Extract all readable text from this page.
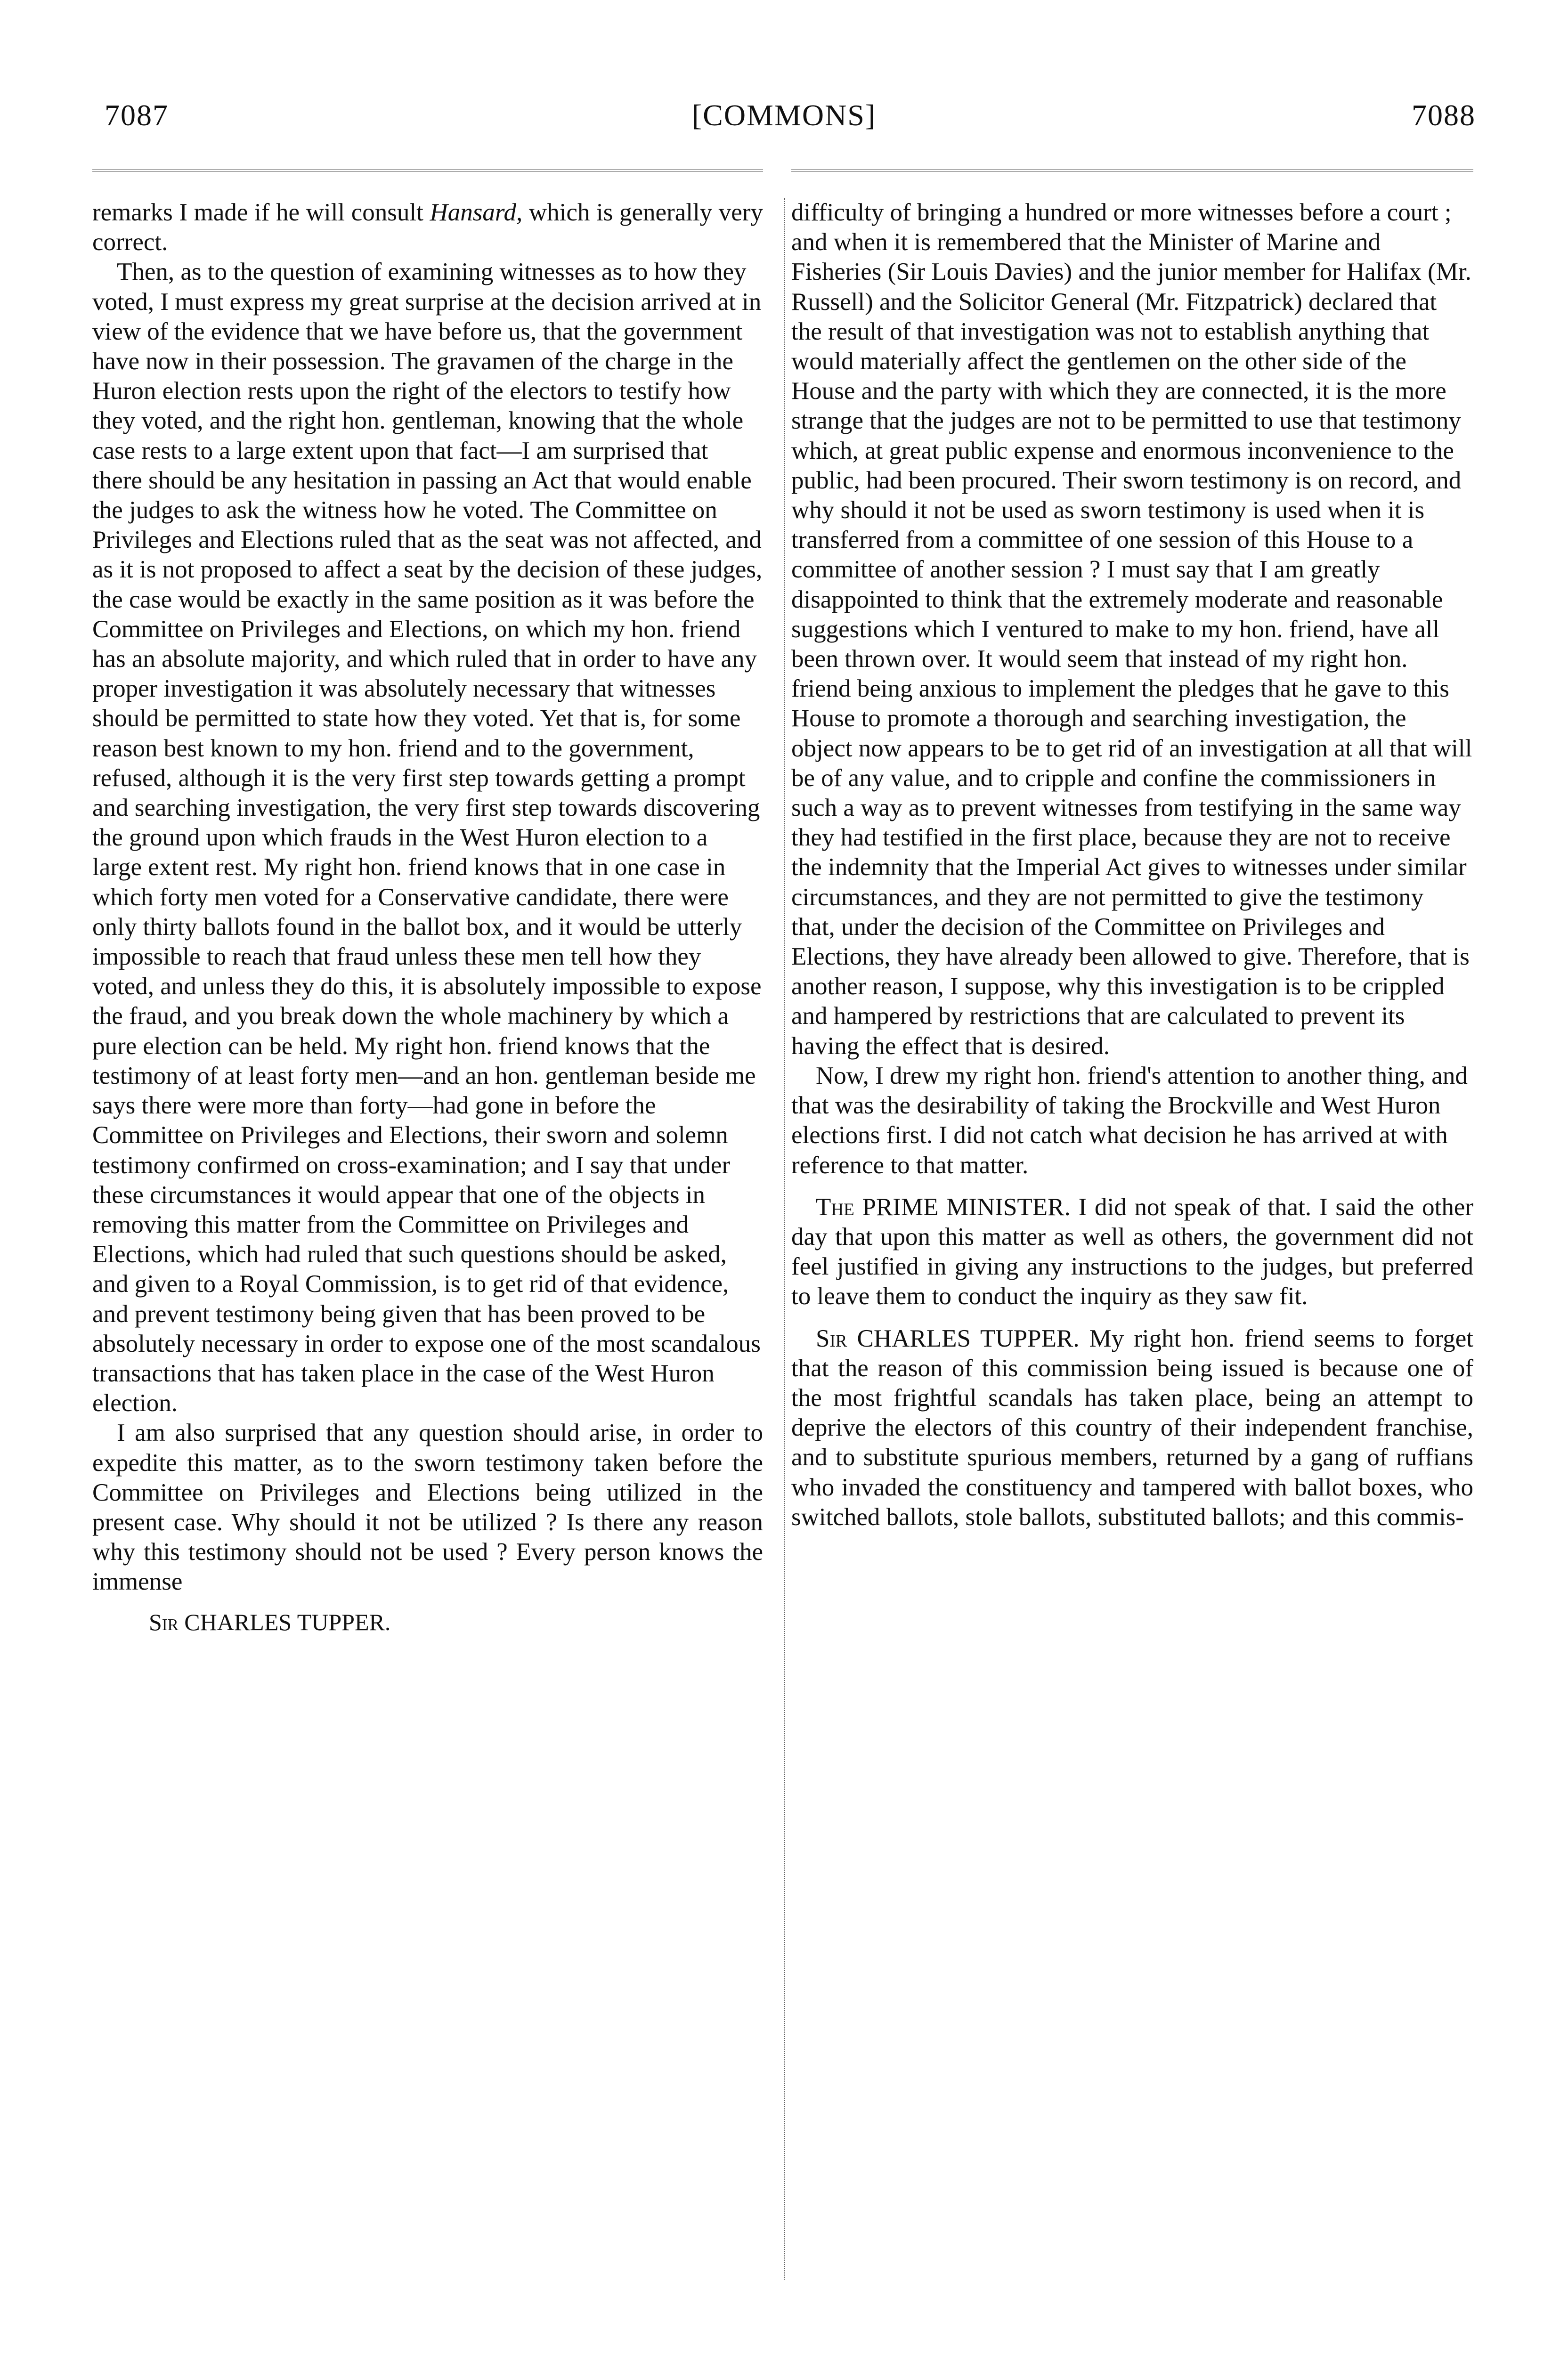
7087	[COMMONS]	7088

remarks I made if he will consult Hansard, which is generally very correct.

Then, as to the question of examining witnesses as to how they voted, I must express my great surprise at the decision arrived at in view of the evidence that we have before us, that the government have now in their possession. The gravamen of the charge in the Huron election rests upon the right of the electors to testify how they voted, and the right hon. gentleman, knowing that the whole case rests to a large extent upon that fact—I am surprised that there should be any hesitation in passing an Act that would enable the judges to ask the witness how he voted. The Committee on Privileges and Elections ruled that as the seat was not affected, and as it is not proposed to affect a seat by the decision of these judges, the case would be exactly in the same position as it was before the Committee on Privileges and Elections, on which my hon. friend has an absolute majority, and which ruled that in order to have any proper investigation it was absolutely necessary that witnesses should be permitted to state how they voted. Yet that is, for some reason best known to my hon. friend and to the government, refused, although it is the very first step towards getting a prompt and searching investigation, the very first step towards discovering the ground upon which frauds in the West Huron election to a large extent rest. My right hon. friend knows that in one case in which forty men voted for a Conservative candidate, there were only thirty ballots found in the ballot box, and it would be utterly impossible to reach that fraud unless these men tell how they voted, and unless they do this, it is absolutely impossible to expose the fraud, and you break down the whole machinery by which a pure election can be held. My right hon. friend knows that the testimony of at least forty men—and an hon. gentleman beside me says there were more than forty—had gone in before the Committee on Privileges and Elections, their sworn and solemn testimony confirmed on cross-examination; and I say that under these circumstances it would appear that one of the objects in removing this matter from the Committee on Privileges and Elections, which had ruled that such questions should be asked, and given to a Royal Commission, is to get rid of that evidence, and prevent testimony being given that has been proved to be absolutely necessary in order to expose one of the most scandalous transactions that has taken place in the case of the West Huron election.

I am also surprised that any question should arise, in order to expedite this matter, as to the sworn testimony taken before the Committee on Privileges and Elections being utilized in the present case. Why should it not be utilized ? Is there any reason why this testimony should not be used ? Every person knows the immense

Sir CHARLES TUPPER.

difficulty of bringing a hundred or more witnesses before a court ; and when it is remembered that the Minister of Marine and Fisheries (Sir Louis Davies) and the junior member for Halifax (Mr. Russell) and the Solicitor General (Mr. Fitzpatrick) declared that the result of that investigation was not to establish anything that would materially affect the gentlemen on the other side of the House and the party with which they are connected, it is the more strange that the judges are not to be permitted to use that testimony which, at great public expense and enormous inconvenience to the public, had been procured. Their sworn testimony is on record, and why should it not be used as sworn testimony is used when it is transferred from a committee of one session of this House to a committee of another session ? I must say that I am greatly disappointed to think that the extremely moderate and reasonable suggestions which I ventured to make to my hon. friend, have all been thrown over. It would seem that instead of my right hon. friend being anxious to implement the pledges that he gave to this House to promote a thorough and searching investigation, the object now appears to be to get rid of an investigation at all that will be of any value, and to cripple and confine the commissioners in such a way as to prevent witnesses from testifying in the same way they had testified in the first place, because they are not to receive the indemnity that the Imperial Act gives to witnesses under similar circumstances, and they are not permitted to give the testimony that, under the decision of the Committee on Privileges and Elections, they have already been allowed to give. Therefore, that is another reason, I suppose, why this investigation is to be crippled and hampered by restrictions that are calculated to prevent its having the effect that is desired.

Now, I drew my right hon. friend's attention to another thing, and that was the desirability of taking the Brockville and West Huron elections first. I did not catch what decision he has arrived at with reference to that matter.

The PRIME MINISTER. I did not speak of that. I said the other day that upon this matter as well as others, the government did not feel justified in giving any instructions to the judges, but preferred to leave them to conduct the inquiry as they saw fit.

Sir CHARLES TUPPER. My right hon. friend seems to forget that the reason of this commission being issued is because one of the most frightful scandals has taken place, being an attempt to deprive the electors of this country of their independent franchise, and to substitute spurious members, returned by a gang of ruffians who invaded the constituency and tampered with ballot boxes, who switched ballots, stole ballots, substituted ballots; and this commis-
